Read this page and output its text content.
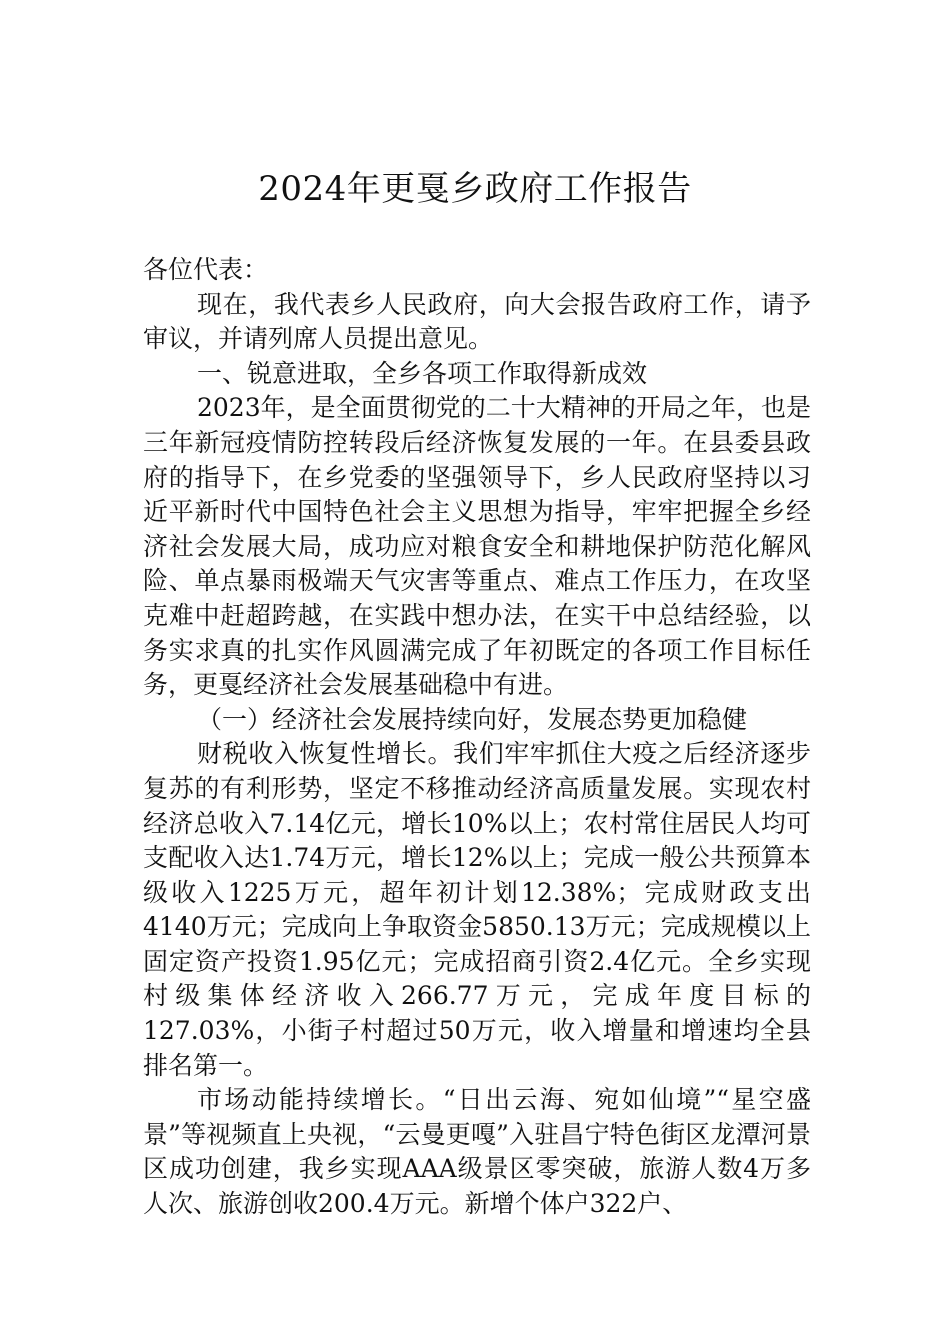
2024年更戛乡政府工作报告

各位代表：

现在，我代表乡人民政府，向大会报告政府工作，请予审议，并请列席人员提出意见。

一、锐意进取，全乡各项工作取得新成效

2023年，是全面贯彻党的二十大精神的开局之年，也是三年新冠疫情防控转段后经济恢复发展的一年。在县委县政府的指导下，在乡党委的坚强领导下，乡人民政府坚持以习近平新时代中国特色社会主义思想为指导，牢牢把握全乡经济社会发展大局，成功应对粮食安全和耕地保护防范化解风险、单点暴雨极端天气灾害等重点、难点工作压力，在攻坚克难中赶超跨越，在实践中想办法，在实干中总结经验，以务实求真的扎实作风圆满完成了年初既定的各项工作目标任务，更戛经济社会发展基础稳中有进。

（一）经济社会发展持续向好，发展态势更加稳健

财税收入恢复性增长。我们牢牢抓住大疫之后经济逐步复苏的有利形势，坚定不移推动经济高质量发展。实现农村经济总收入7.14亿元，增长10%以上；农村常住居民人均可支配收入达1.74万元，增长12%以上；完成一般公共预算本级收入1225万元，超年初计划12.38%；完成财政支出4140万元；完成向上争取资金5850.13万元；完成规模以上固定资产投资1.95亿元；完成招商引资2.4亿元。全乡实现村级集体经济收入266.77万元，完成年度目标的127.03%，小街子村超过50万元，收入增量和增速均全县排名第一。

市场动能持续增长。“日出云海、宛如仙境”“星空盛景”等视频直上央视，“云曼更嘎”入驻昌宁特色街区龙潭河景区成功创建，我乡实现AAA级景区零突破，旅游人数4万多人次、旅游创收200.4万元。新增个体户322户、
